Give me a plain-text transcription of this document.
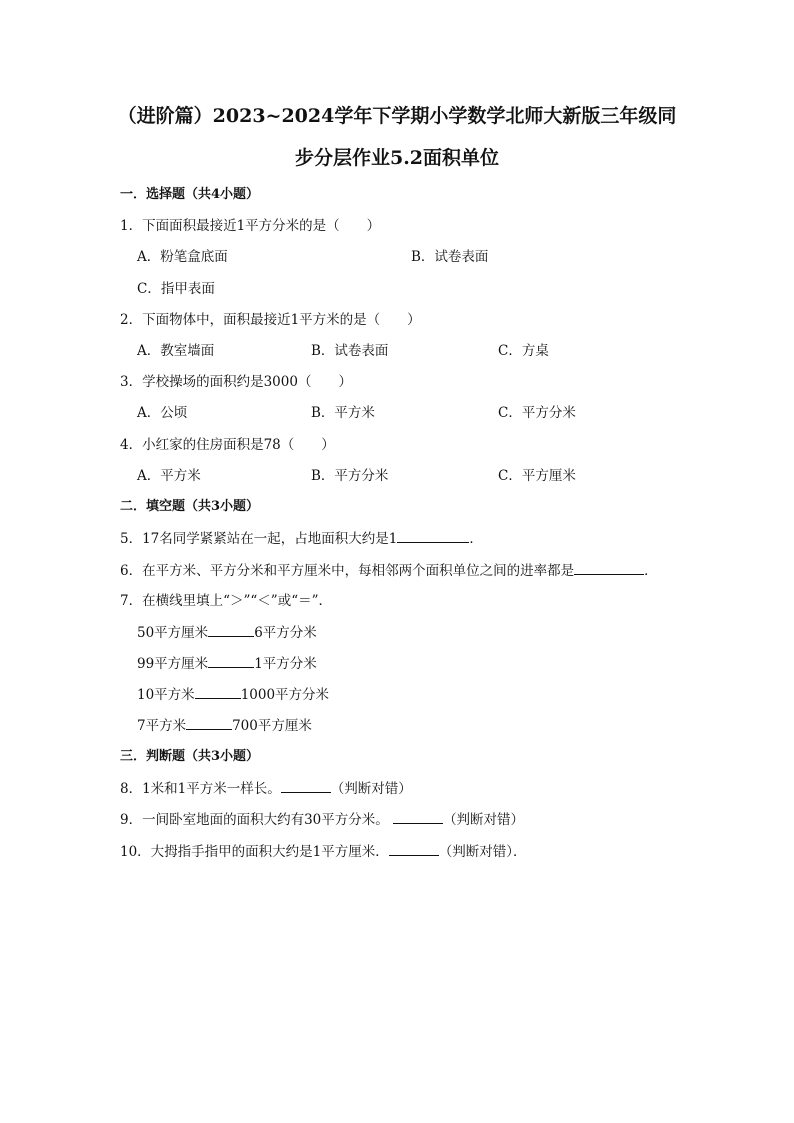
（进阶篇）2023~2024学年下学期小学数学北师大新版三年级同
步分层作业5.2面积单位
一．选择题（共4小题）
1．下面面积最接近1平方分米的是（　　）
A．粉笔盒底面	B．试卷表面
C．指甲表面
2．下面物体中，面积最接近1平方米的是（　　）
A．教室墙面	B．试卷表面	C．方桌
3．学校操场的面积约是3000（　　）
A．公顷	B．平方米	C．平方分米
4．小红家的住房面积是78（　　）
A．平方米	B．平方分米	C．平方厘米
二．填空题（共3小题）
5．17名同学紧紧站在一起，占地面积大约是1	．
6．在平方米、平方分米和平方厘米中，每相邻两个面积单位之间的进率都是	．
7．在横线里填上“＞”“＜”或“＝”．
50平方厘米	6平方分米
99平方厘米	1平方分米
10平方米	1000平方分米
7平方米	700平方厘米
三．判断题（共3小题）
8．1米和1平方米一样长。	（判断对错）
9．一间卧室地面的面积大约有30平方分米。	（判断对错）
10．大拇指手指甲的面积大约是1平方厘米．	（判断对错）．
